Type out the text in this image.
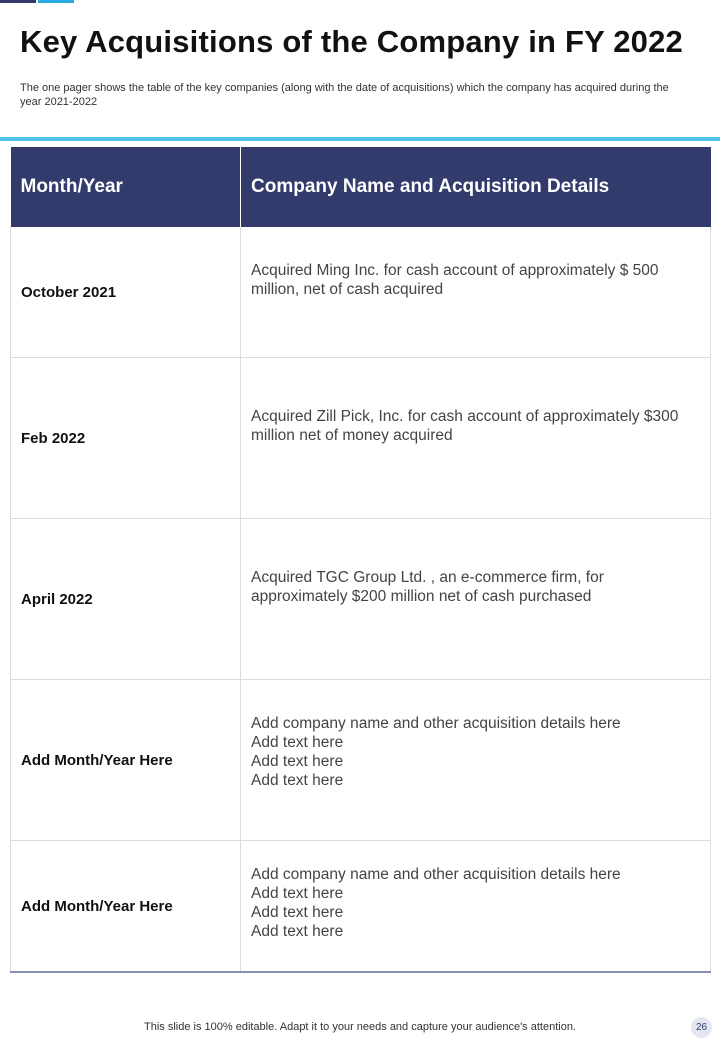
Key Acquisitions of the Company in FY 2022

The one pager shows the table of the key companies (along with the date of acquisitions) which the company has acquired during the year 2021-2022

Month/Year	Company Name and Acquisition Details
October 2021	Acquired Ming Inc. for cash account of approximately $ 500 million, net of cash acquired

Feb 2022	Acquired Zill Pick, Inc. for cash account of approximately $300 million net of money acquired

April 2022	Acquired TGC Group Ltd. , an e-commerce firm, for approximately $200 million net of cash purchased

Add Month/Year Here	Add company name and other acquisition details here
Add text here
Add text here
Add text here

Add Month/Year Here	Add company name and other acquisition details here
Add text here
Add text here
Add text here
This slide is 100% editable. Adapt it to your needs and capture your audience's attention.	26
